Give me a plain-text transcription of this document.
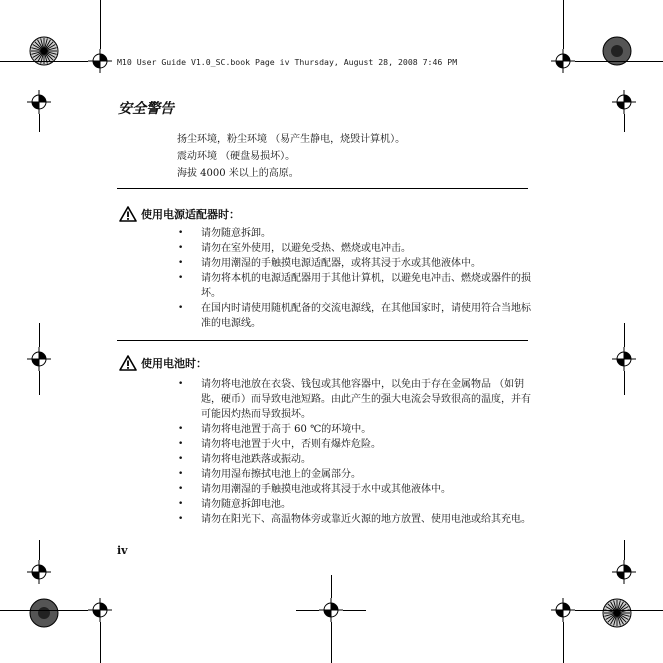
M10 User Guide V1.0_SC.book Page iv Thursday, August 28, 2008 7:46 PM
安全警告
扬尘环境，粉尘环境 （易产生静电，烧毁计算机）。
震动环境 （硬盘易损坏）。
海拔 4000 米以上的高原。
使用电源适配器时：
• 请勿随意拆卸。
• 请勿在室外使用，以避免受热、燃烧或电冲击。
• 请勿用潮湿的手触摸电源适配器，或将其浸于水或其他液体中。
• 请勿将本机的电源适配器用于其他计算机，以避免电冲击、燃烧或器件的损坏。
• 在国内时请使用随机配备的交流电源线，在其他国家时，请使用符合当地标准的电源线。
使用电池时：
• 请勿将电池放在衣袋、钱包或其他容器中，以免由于存在金属物品 （如钥匙，硬币）而导致电池短路。由此产生的强大电流会导致很高的温度，并有可能因灼热而导致损坏。
• 请勿将电池置于高于 60 ℃的环境中。
• 请勿将电池置于火中，否则有爆炸危险。
• 请勿将电池跌落或振动。
• 请勿用湿布擦拭电池上的金属部分。
• 请勿用潮湿的手触摸电池或将其浸于水中或其他液体中。
• 请勿随意拆卸电池。
• 请勿在阳光下、高温物体旁或靠近火源的地方放置、使用电池或给其充电。
iv
